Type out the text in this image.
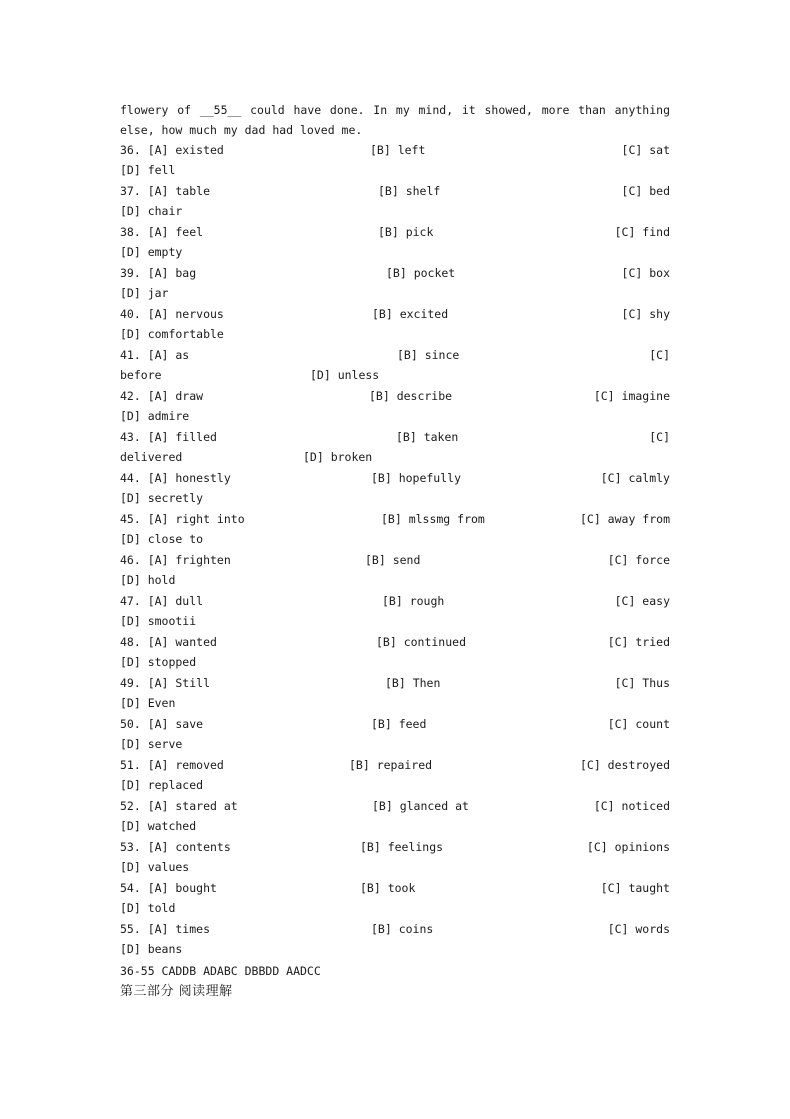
flowery of __55__ could have done. In my mind, it showed, more than anything else, how much my dad had loved me.

36. [A] existed	[B] left	[C] sat
[D] fell
37. [A] table	[B] shelf	[C] bed
[D] chair
38. [A] feel	[B] pick	[C] find
[D] empty
39. [A] bag	[B] pocket	[C] box
[D] jar
40. [A] nervous	[B] excited	[C] shy
[D] comfortable
41. [A] as	[B] since	[C]
before	[D] unless
42. [A] draw	[B] describe	[C] imagine
[D] admire
43. [A] filled	[B] taken	[C]
delivered	[D] broken
44. [A] honestly	[B] hopefully	[C] calmly
[D] secretly
45. [A] right into	[B] mlssmg from	[C] away from
[D] close to
46. [A] frighten	[B] send	[C] force
[D] hold
47. [A] dull	[B] rough	[C] easy
[D] smootii
48. [A] wanted	[B] continued	[C] tried
[D] stopped
49. [A] Still	[B] Then	[C] Thus
[D] Even
50. [A] save	[B] feed	[C] count
[D] serve
51. [A] removed	[B] repaired	[C] destroyed
[D] replaced
52. [A] stared at	[B] glanced at	[C] noticed
[D] watched
53. [A] contents	[B] feelings	[C] opinions
[D] values
54. [A] bought	[B] took	[C] taught
[D] told
55. [A] times	[B] coins	[C] words
[D] beans
36-55 CADDB ADABC DBBDD AADCC
第三部分 阅读理解
